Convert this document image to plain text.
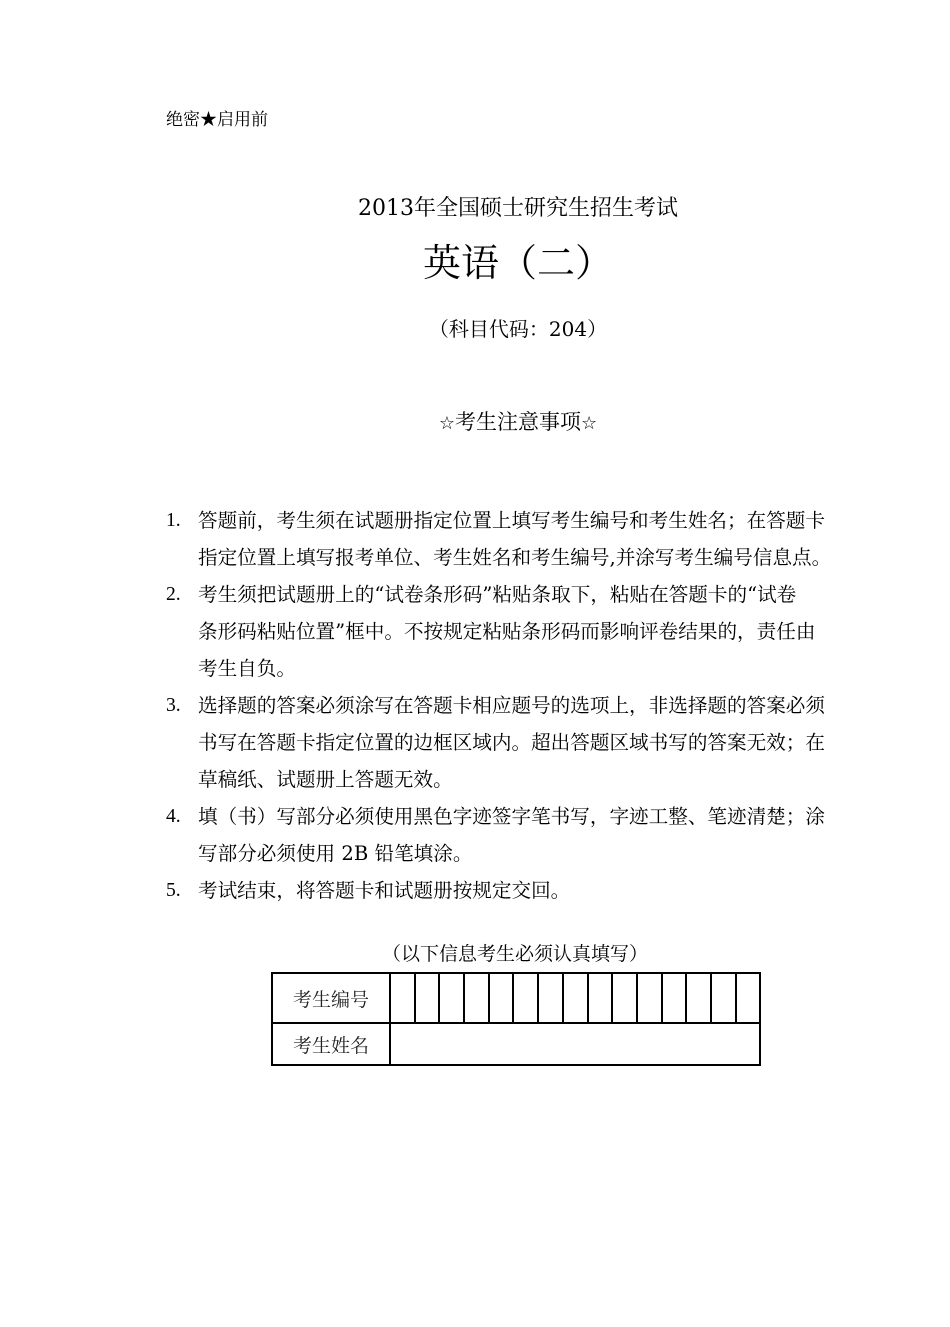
绝密★启用前
2013年全国硕士研究生招生考试
英语（二）
（科目代码：204）
☆考生注意事项☆
1. 答题前，考生须在试题册指定位置上填写考生编号和考生姓名；在答题卡
指定位置上填写报考单位、考生姓名和考生编号,并涂写考生编号信息点。
2. 考生须把试题册上的“试卷条形码”粘贴条取下，粘贴在答题卡的“试卷
条形码粘贴位置”框中。不按规定粘贴条形码而影响评卷结果的，责任由
考生自负。
3. 选择题的答案必须涂写在答题卡相应题号的选项上，非选择题的答案必须
书写在答题卡指定位置的边框区域内。超出答题区域书写的答案无效；在
草稿纸、试题册上答题无效。
4. 填（书）写部分必须使用黑色字迹签字笔书写，字迹工整、笔迹清楚；涂
写部分必须使用 2B 铅笔填涂。
5. 考试结束，将答题卡和试题册按规定交回。
（以下信息考生必须认真填写）
考生编号															
考生姓名															
